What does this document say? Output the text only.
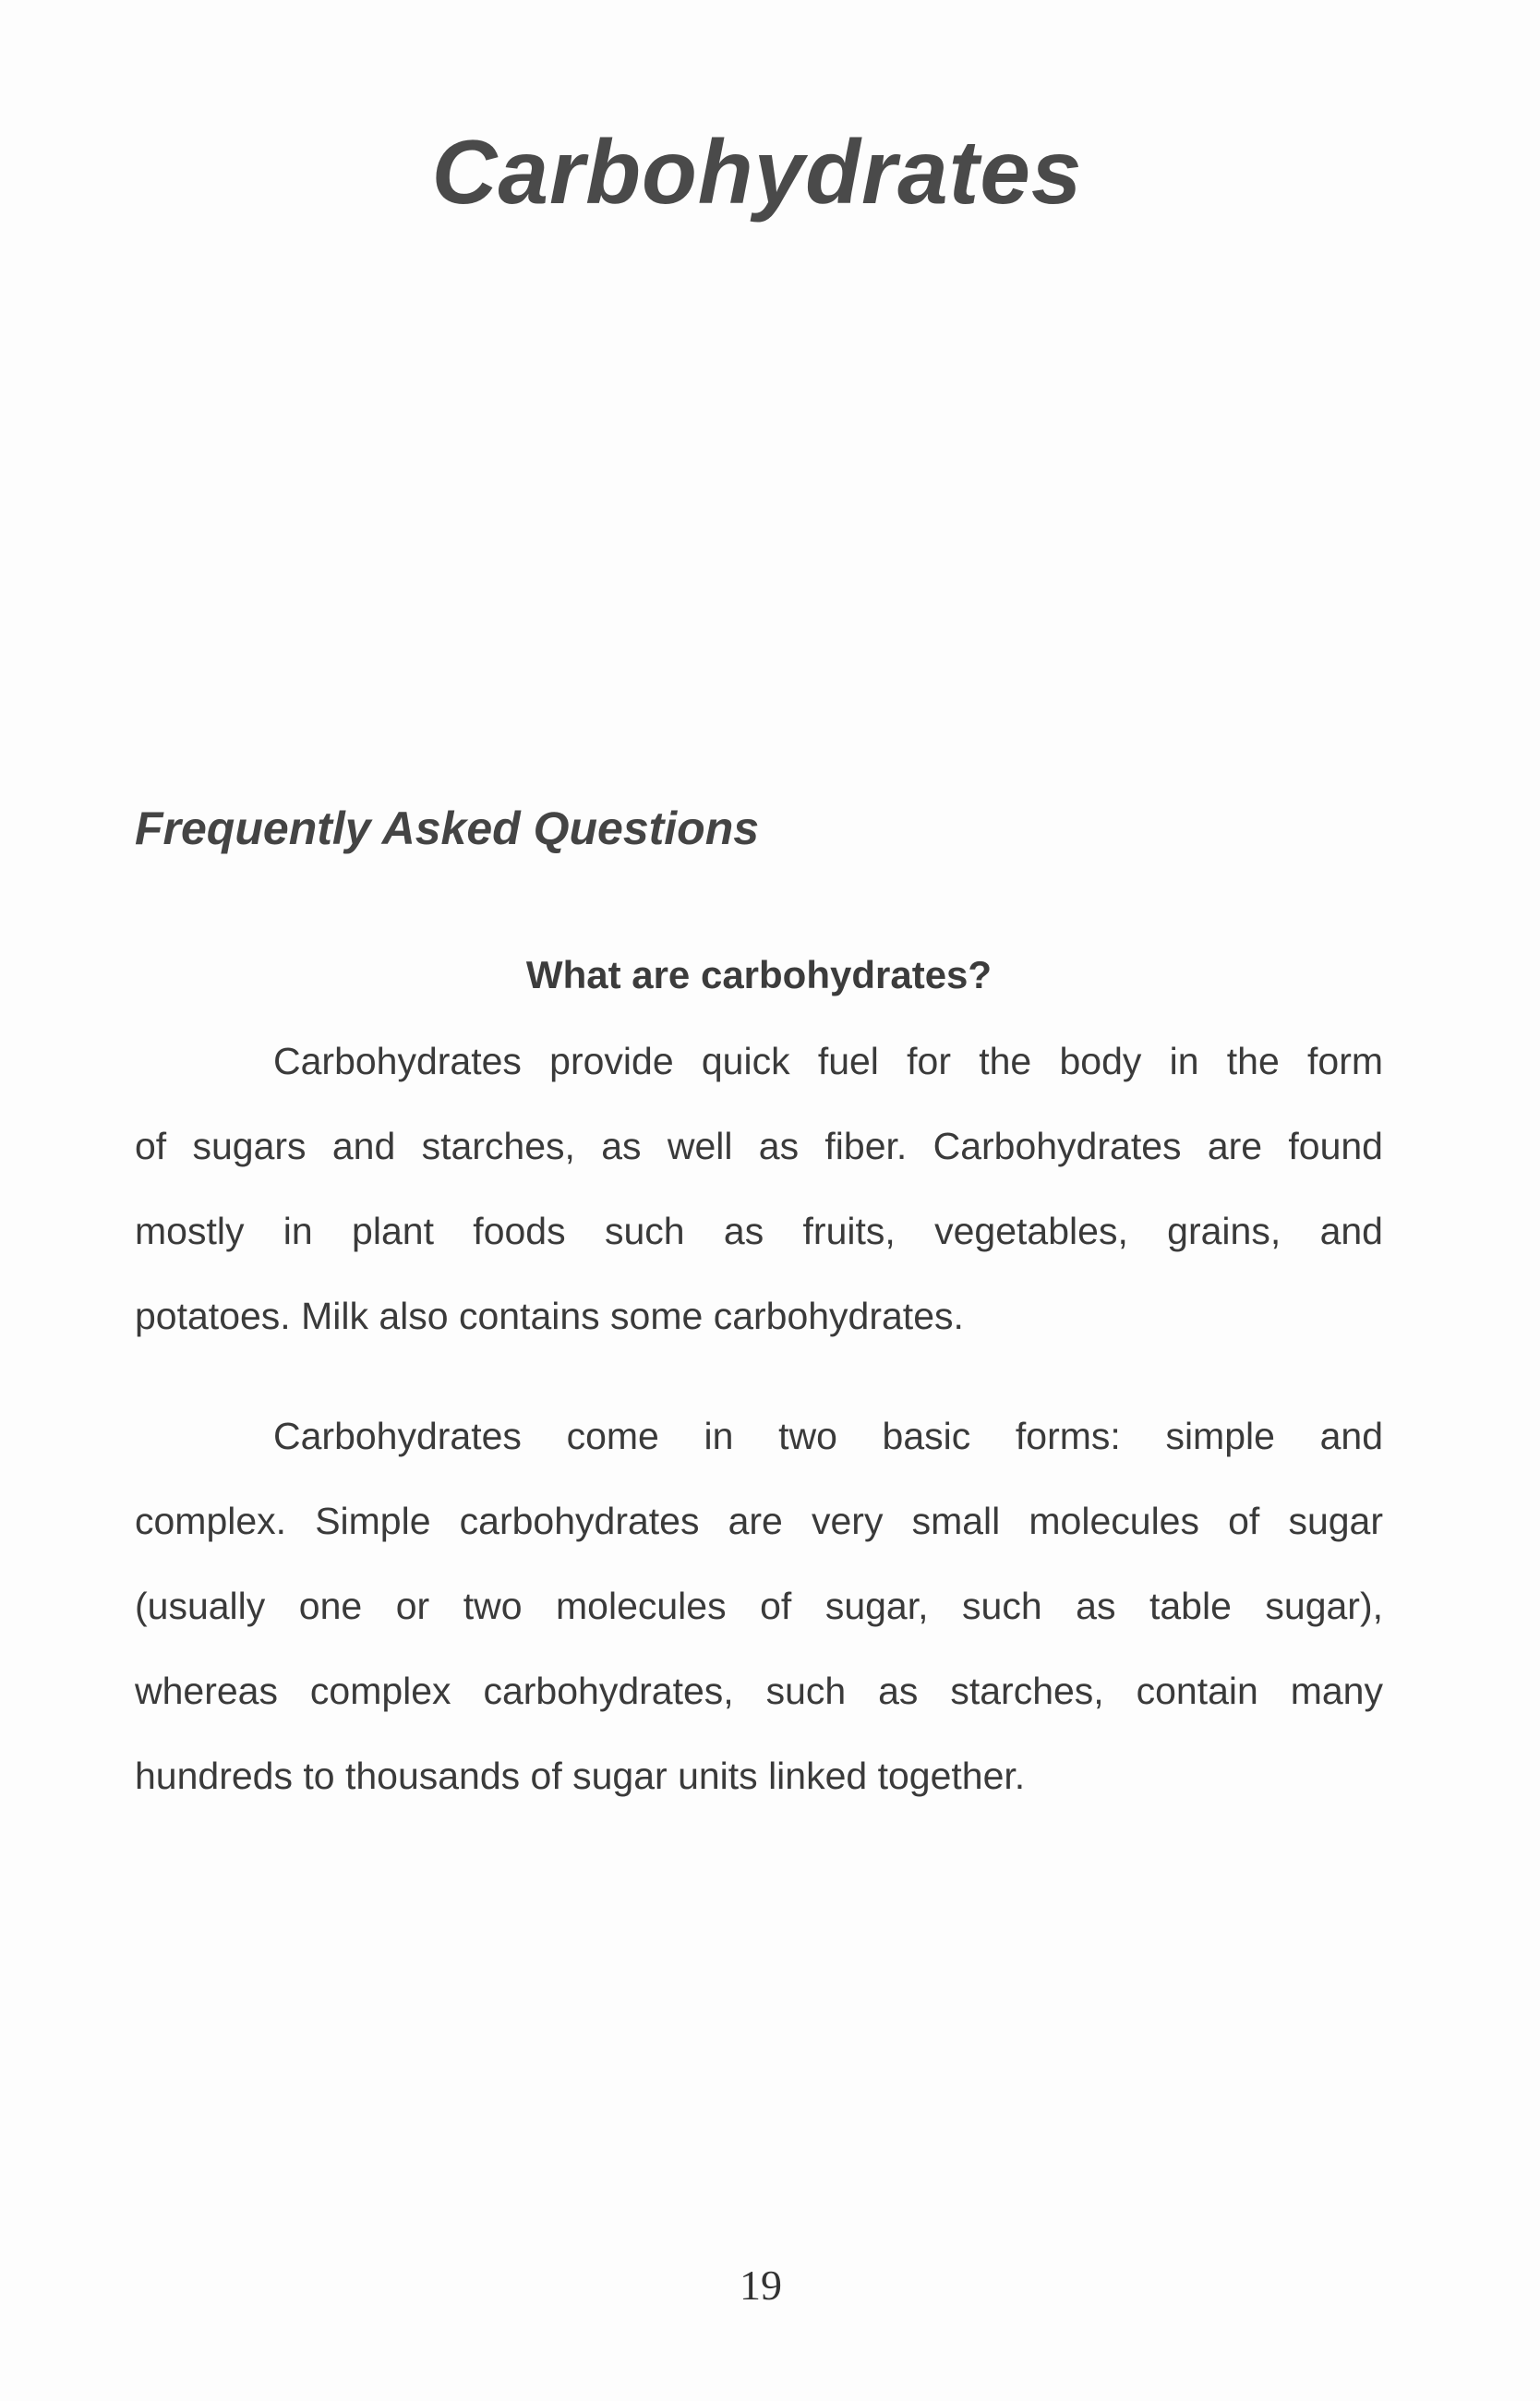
Carbohydrates
Frequently Asked Questions
What are carbohydrates?
Carbohydrates provide quick fuel for the body in the form
of sugars and starches, as well as fiber. Carbohydrates are found
mostly in plant foods such as fruits, vegetables, grains, and
potatoes. Milk also contains some carbohydrates.
Carbohydrates come in two basic forms: simple and
complex. Simple carbohydrates are very small molecules of sugar
(usually one or two molecules of sugar, such as table sugar),
whereas complex carbohydrates, such as starches, contain many
hundreds to thousands of sugar units linked together.
19
